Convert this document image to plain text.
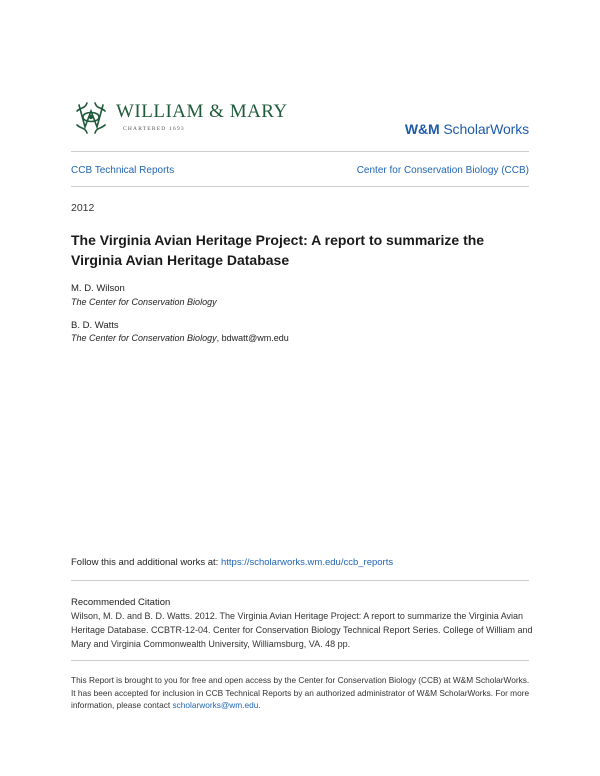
WILLIAM & MARY
CHARTERED 1693	W&M ScholarWorks
CCB Technical Reports	Center for Conservation Biology (CCB)
2012
The Virginia Avian Heritage Project: A report to summarize the Virginia Avian Heritage Database
M. D. Wilson
The Center for Conservation Biology
B. D. Watts
The Center for Conservation Biology, bdwatt@wm.edu
Follow this and additional works at: https://scholarworks.wm.edu/ccb_reports
Recommended Citation
Wilson, M. D. and B. D. Watts. 2012. The Virginia Avian Heritage Project: A report to summarize the Virginia Avian Heritage Database. CCBTR-12-04. Center for Conservation Biology Technical Report Series. College of William and Mary and Virginia Commonwealth University, Williamsburg, VA. 48 pp.
This Report is brought to you for free and open access by the Center for Conservation Biology (CCB) at W&M ScholarWorks. It has been accepted for inclusion in CCB Technical Reports by an authorized administrator of W&M ScholarWorks. For more information, please contact scholarworks@wm.edu.
